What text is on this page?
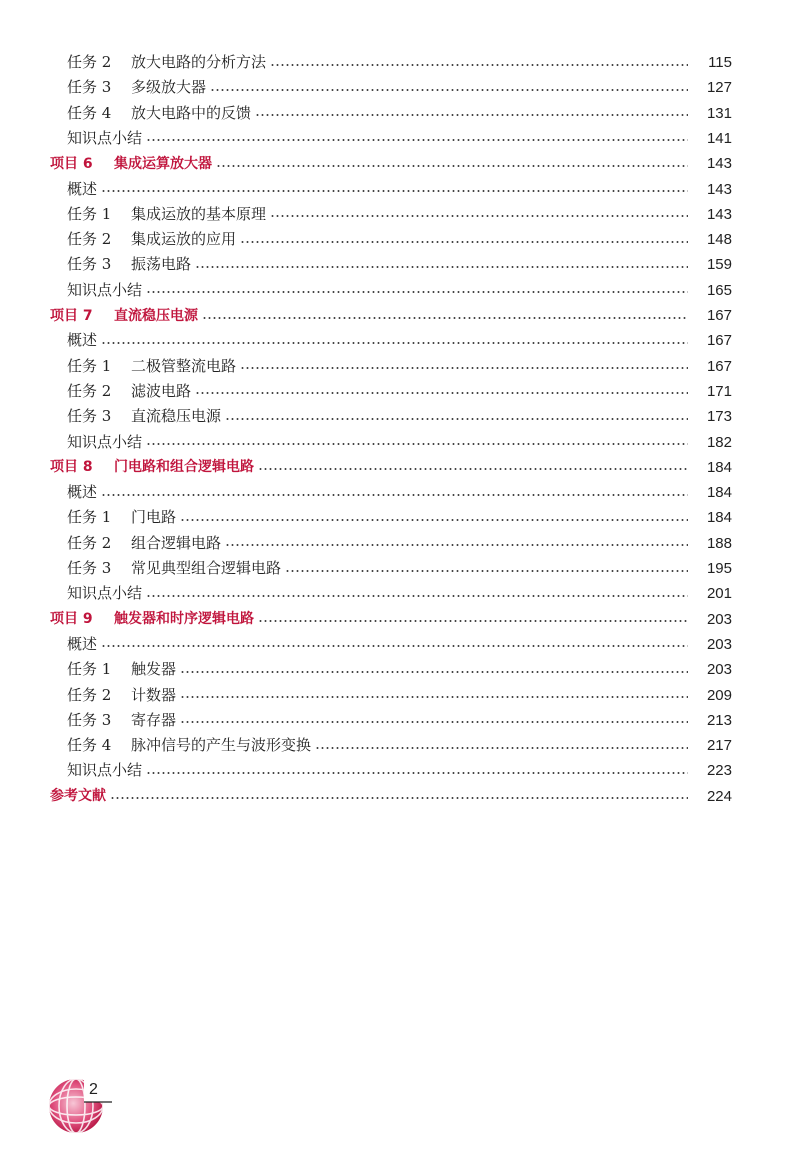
任务 2 放大电路的分析方法	115
任务 3 多级放大器	127
任务 4 放大电路中的反馈	131
知识点小结	141
项目 6 集成运算放大器	143
概述	143
任务 1 集成运放的基本原理	143
任务 2 集成运放的应用	148
任务 3 振荡电路	159
知识点小结	165
项目 7 直流稳压电源	167
概述	167
任务 1 二极管整流电路	167
任务 2 滤波电路	171
任务 3 直流稳压电源	173
知识点小结	182
项目 8 门电路和组合逻辑电路	184
概述	184
任务 1 门电路	184
任务 2 组合逻辑电路	188
任务 3 常见典型组合逻辑电路	195
知识点小结	201
项目 9 触发器和时序逻辑电路	203
概述	203
任务 1 触发器	203
任务 2 计数器	209
任务 3 寄存器	213
任务 4 脉冲信号的产生与波形变换	217
知识点小结	223
参考文献	224
2
